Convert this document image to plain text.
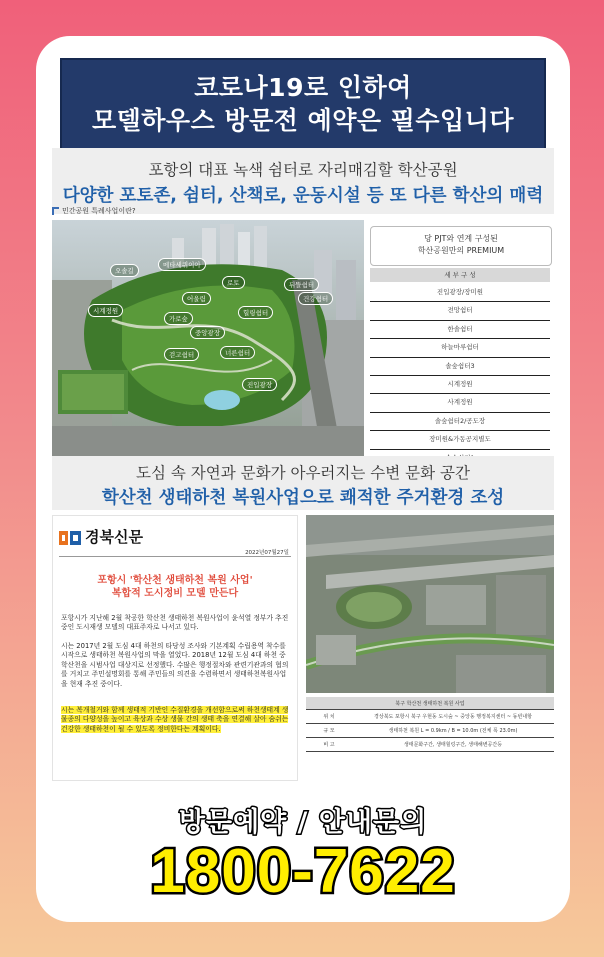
코로나19로 인하여
모델하우스 방문전 예약은 필수입니다
포항의 대표 녹색 쉼터로 자리매김할 학산공원
다양한 포토존, 쉼터, 산책로, 운동시설 등 또 다른 학산의 매력
민간공원 특례사업이란?
오솔길
메타세쿼이아
로토	뒤뜰쉼터
어울림	건강쉼터
힐링쉼터
시계정원
가로숲
중앙광장
걷고쉼터	너른쉼터
진입광장
당 PJT와 연계 구성된
학산공원만의 PREMIUM
세 부 구 성
진입광장/장미원
전망쉼터
한솔쉼터
하늘마루쉼터
솔숲쉼터3
시계정원
사계정원
솔숲쉼터2/공도장
장미원&가동공지별도
도심 속 자연과 문화가 아우러지는 수변 문화 공간
학산천 생태하천 복원사업으로 쾌적한 주거환경 조성
경북신문
2022년07월27일
포항시 '학산천 생태하천 복원 사업'
복합적 도시정비 모델 만든다
포항시가 지난해 2월 착공한 학산천 생태하천 복원사업이 윤석열 정부가 추진중인 도시재생 모델의 대표주자로 나서고 있다.
시는 2017년 2월 도심 4대 하천의 타당성 조사와 기본계획 수립용역 착수를 시작으로 생태하천 복원사업의 막을 열었다. 2018년 12월 도심 4대 하천 중 학산천을 시범사업 대상지로 선정했다. 수많은 행정절차와 관련기관과의 협의를 거치고 주민설명회를 통해 주민들의 의견을 수렴하면서 생태하천복원사업을 현재 추진 중이다.
시는 복개철거와 함께 생태적 기반인 수질환경을 개선함으로써 하천생태계 생물종의 다양성을 높이고 육상과 수상 생물 간의 생태 축을 연결해 살아 숨쉬는 건강한 생태하천이 될 수 있도록 정비한다는 계획이다.
북구 학산천 생태하천 복원 사업	
위 치	경상북도 포항시 북구 우현동 도시숲 ~ 중앙동 행정복지센터 ~ 동빈내항
규 모	생태하천 복원 L = 0.9km / B = 10.0m (전체 폭 23.0m)
비 고	생태문화구간, 생태힐링구간, 생태해변공간등
방문예약 / 안내문의
1800-7622
